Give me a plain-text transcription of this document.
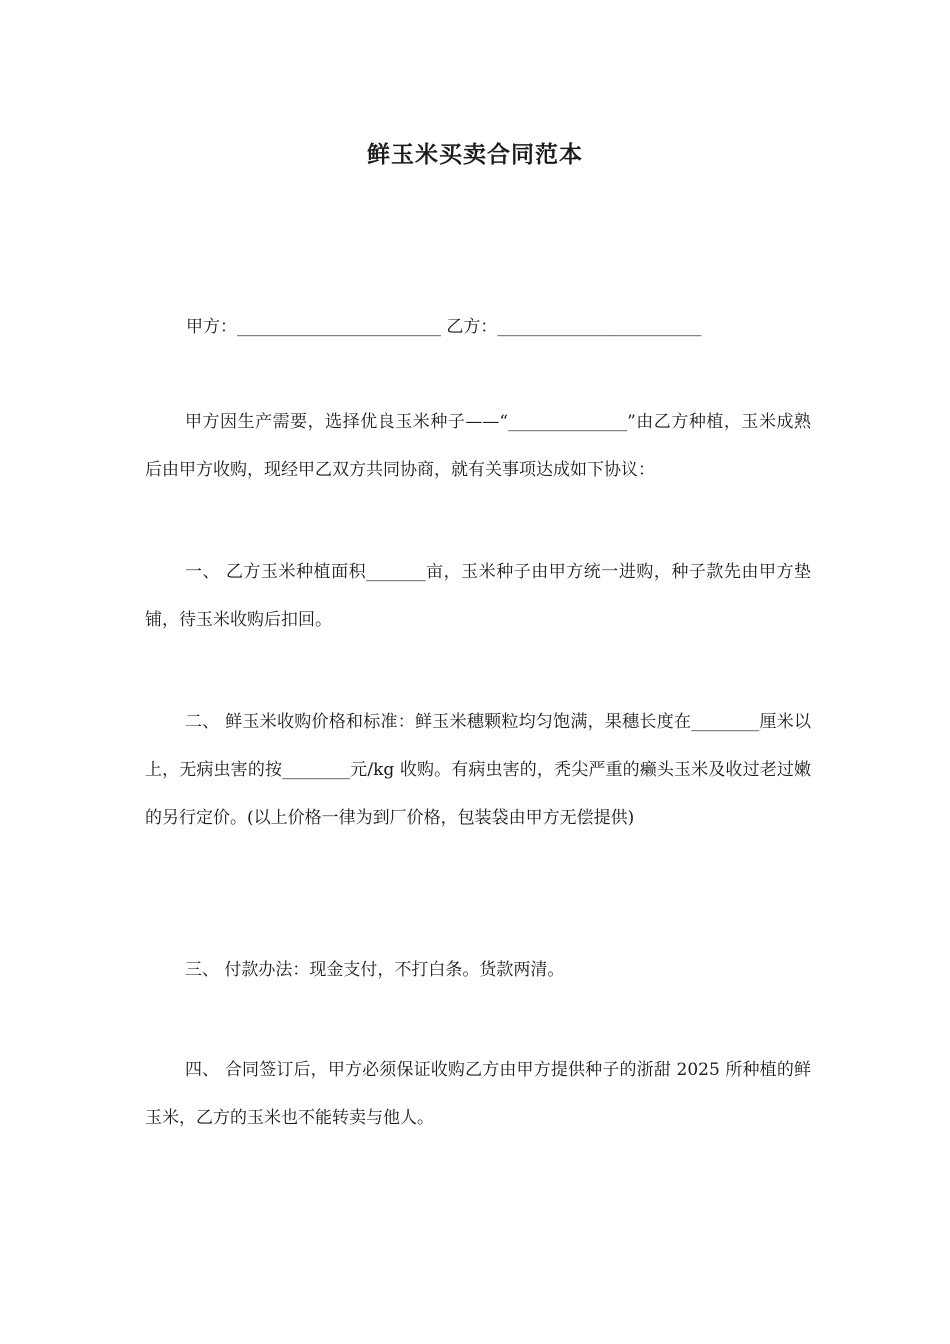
鲜玉米买卖合同范本
甲方：________________________ 乙方：________________________
甲方因生产需要，选择优良玉米种子——“______________”由乙方种植，玉米成熟后由甲方收购，现经甲乙双方共同协商，就有关事项达成如下协议：
一、 乙方玉米种植面积_______亩，玉米种子由甲方统一进购，种子款先由甲方垫铺，待玉米收购后扣回。
二、 鲜玉米收购价格和标准：鲜玉米穗颗粒均匀饱满，果穗长度在________厘米以上，无病虫害的按________元/kg 收购。有病虫害的，秃尖严重的癞头玉米及收过老过嫩的另行定价。(以上价格一律为到厂价格，包装袋由甲方无偿提供)
三、 付款办法：现金支付，不打白条。货款两清。
四、 合同签订后，甲方必须保证收购乙方由甲方提供种子的浙甜 2025 所种植的鲜玉米，乙方的玉米也不能转卖与他人。
